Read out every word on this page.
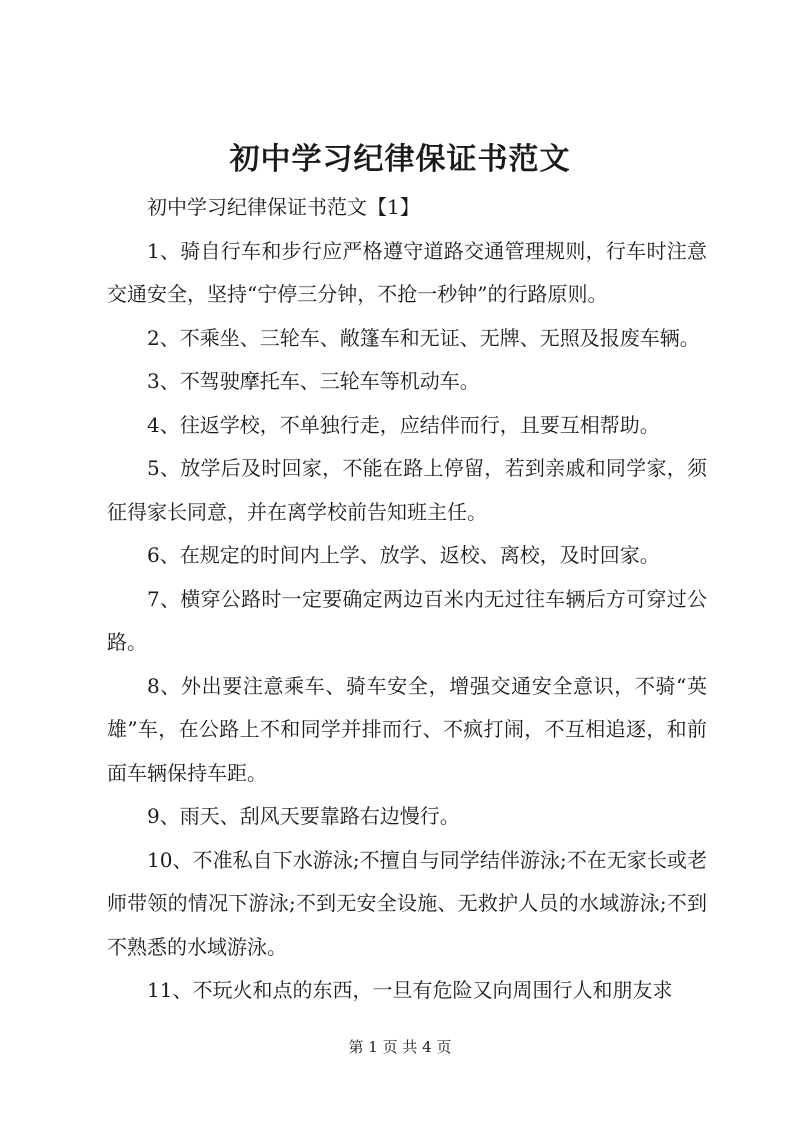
初中学习纪律保证书范文

初中学习纪律保证书范文【1】

1、骑自行车和步行应严格遵守道路交通管理规则，行车时注意交通安全，坚持“宁停三分钟，不抢一秒钟”的行路原则。

2、不乘坐、三轮车、敞篷车和无证、无牌、无照及报废车辆。

3、不驾驶摩托车、三轮车等机动车。

4、往返学校，不单独行走，应结伴而行，且要互相帮助。

5、放学后及时回家，不能在路上停留，若到亲戚和同学家，须征得家长同意，并在离学校前告知班主任。

6、在规定的时间内上学、放学、返校、离校，及时回家。

7、横穿公路时一定要确定两边百米内无过往车辆后方可穿过公路。

8、外出要注意乘车、骑车安全，增强交通安全意识，不骑“英雄”车，在公路上不和同学并排而行、不疯打闹，不互相追逐，和前面车辆保持车距。

9、雨天、刮风天要靠路右边慢行。

10、不准私自下水游泳;不擅自与同学结伴游泳;不在无家长或老师带领的情况下游泳;不到无安全设施、无救护人员的水域游泳;不到不熟悉的水域游泳。

11、不玩火和点的东西，一旦有危险又向周围行人和朋友求

第 1 页 共 4 页
